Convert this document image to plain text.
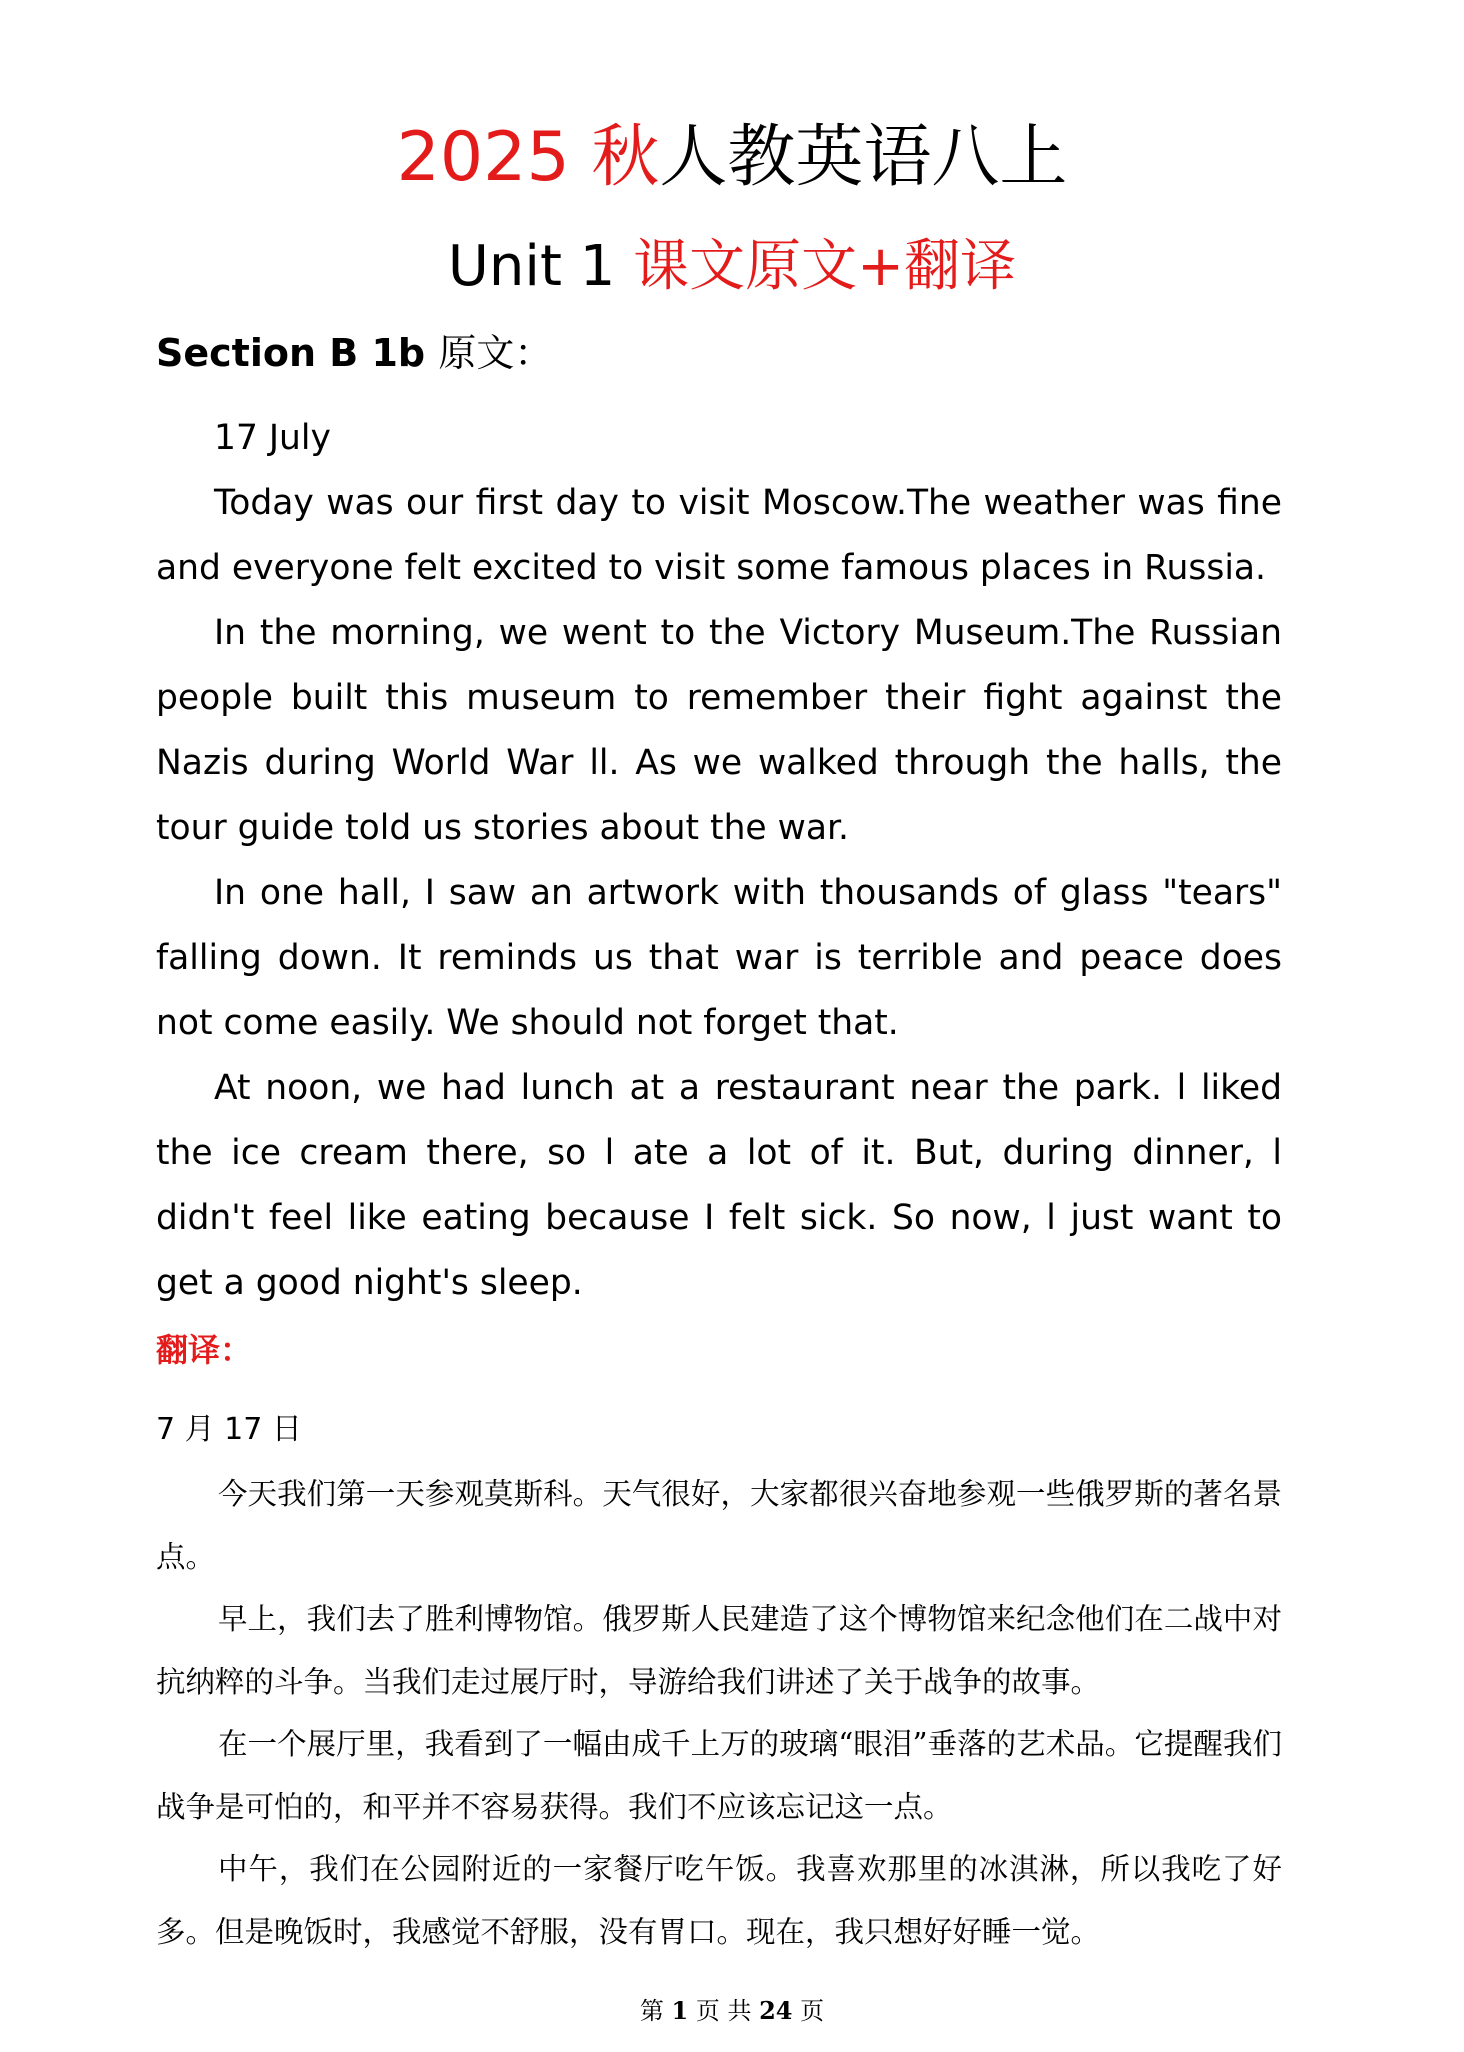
2025 秋人教英语八上
Unit 1 课文原文+翻译
Section B 1b 原文：

17 July

Today was our first day to visit Moscow.The weather was fine and everyone felt excited to visit some famous places in Russia.

In the morning, we went to the Victory Museum.The Russian people built this museum to remember their fight against the Nazis during World War ll. As we walked through the halls, the tour guide told us stories about the war.

In one hall, I saw an artwork with thousands of glass "tears" falling down. It reminds us that war is terrible and peace does not come easily. We should not forget that.

At noon, we had lunch at a restaurant near the park. l liked the ice cream there, so l ate a lot of it. But, during dinner, l didn't feel like eating because I felt sick. So now, l just want to get a good night's sleep.

翻译：
7 月 17 日

今天我们第一天参观莫斯科。天气很好，大家都很兴奋地参观一些俄罗斯的著名景点。

早上，我们去了胜利博物馆。俄罗斯人民建造了这个博物馆来纪念他们在二战中对抗纳粹的斗争。当我们走过展厅时，导游给我们讲述了关于战争的故事。

在一个展厅里，我看到了一幅由成千上万的玻璃“眼泪”垂落的艺术品。它提醒我们战争是可怕的，和平并不容易获得。我们不应该忘记这一点。

中午，我们在公园附近的一家餐厅吃午饭。我喜欢那里的冰淇淋，所以我吃了好多。但是晚饭时，我感觉不舒服，没有胃口。现在，我只想好好睡一觉。

第 1 页 共 24 页
